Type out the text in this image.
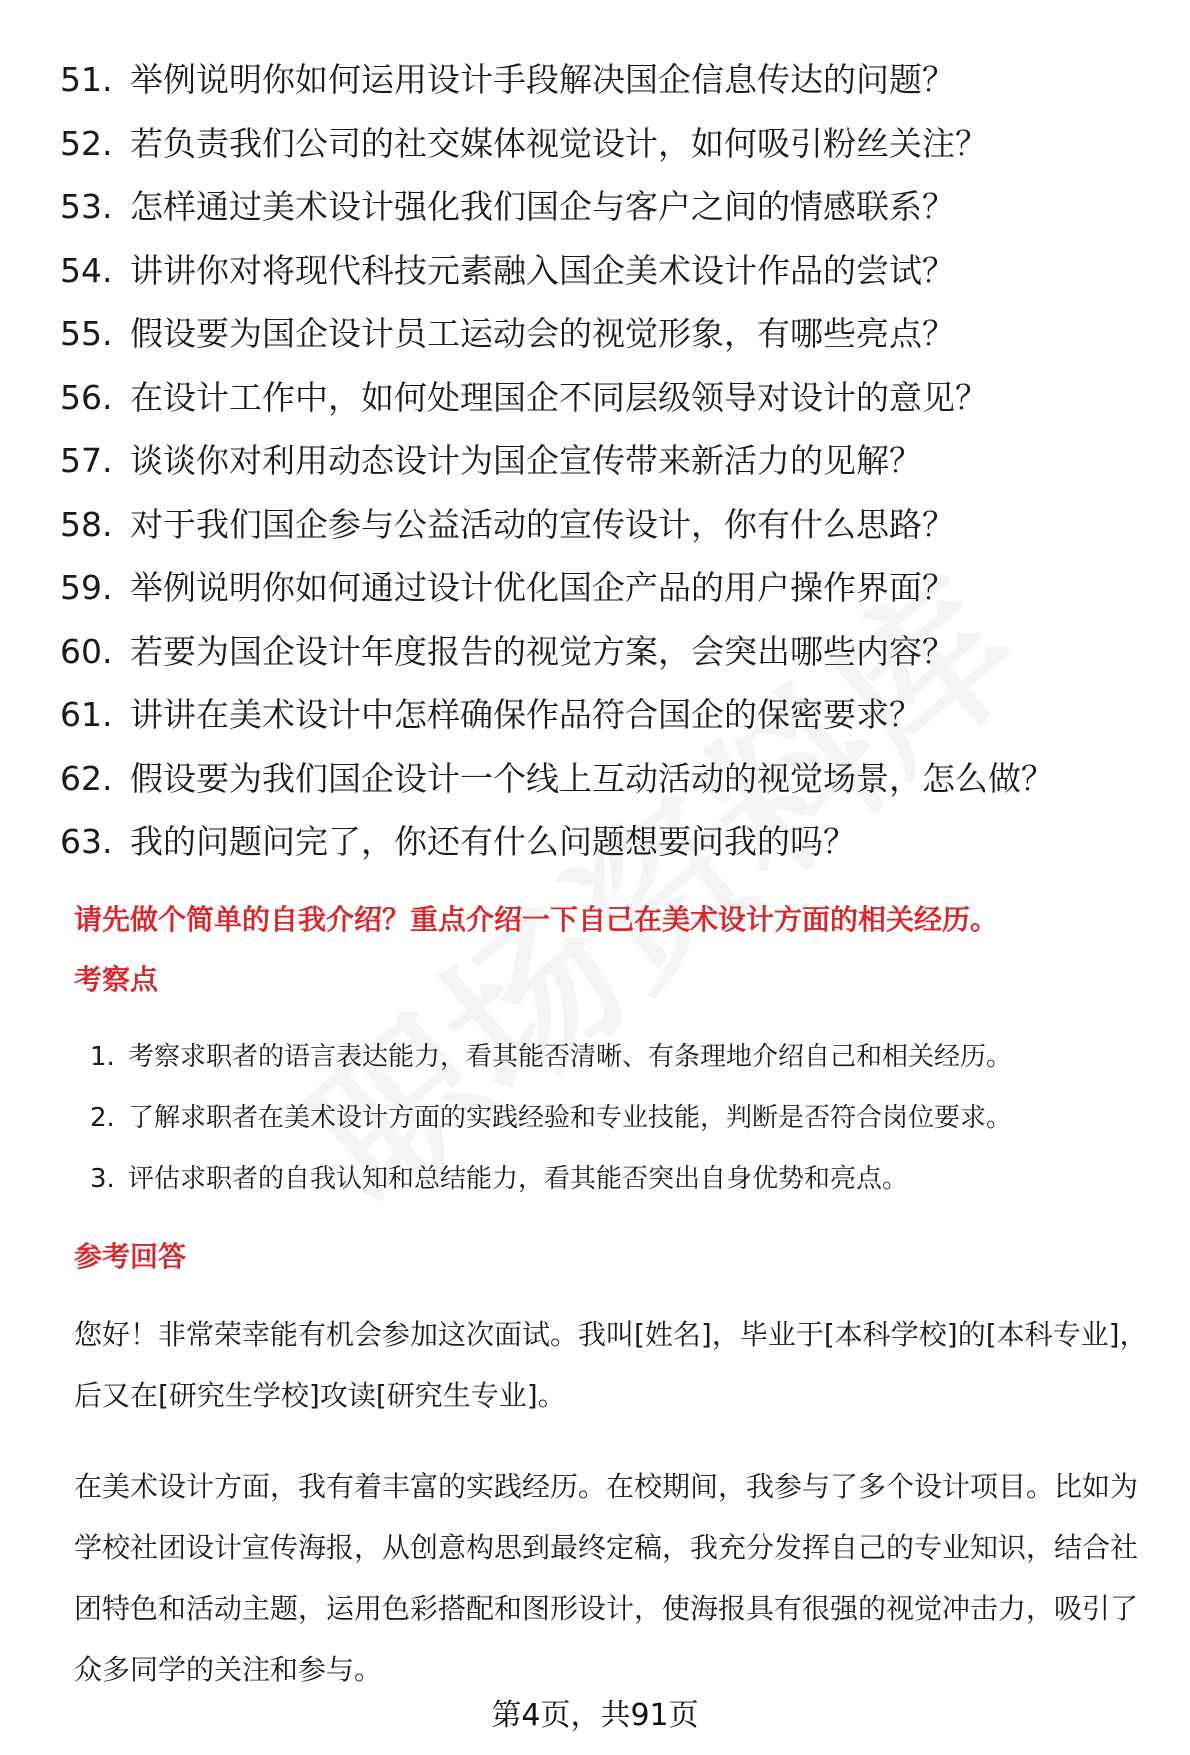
51. 举例说明你如何运用设计手段解决国企信息传达的问题？
52. 若负责我们公司的社交媒体视觉设计，如何吸引粉丝关注？
53. 怎样通过美术设计强化我们国企与客户之间的情感联系？
54. 讲讲你对将现代科技元素融入国企美术设计作品的尝试？
55. 假设要为国企设计员工运动会的视觉形象，有哪些亮点？
56. 在设计工作中，如何处理国企不同层级领导对设计的意见？
57. 谈谈你对利用动态设计为国企宣传带来新活力的见解？
58. 对于我们国企参与公益活动的宣传设计，你有什么思路？
59. 举例说明你如何通过设计优化国企产品的用户操作界面？
60. 若要为国企设计年度报告的视觉方案，会突出哪些内容？
61. 讲讲在美术设计中怎样确保作品符合国企的保密要求？
62. 假设要为我们国企设计一个线上互动活动的视觉场景，怎么做？
63. 我的问题问完了，你还有什么问题想要问我的吗？
请先做个简单的自我介绍？重点介绍一下自己在美术设计方面的相关经历。
考察点
1. 考察求职者的语言表达能力，看其能否清晰、有条理地介绍自己和相关经历。
2. 了解求职者在美术设计方面的实践经验和专业技能，判断是否符合岗位要求。
3. 评估求职者的自我认知和总结能力，看其能否突出自身优势和亮点。
参考回答

您好！非常荣幸能有机会参加这次面试。我叫[姓名]，毕业于[本科学校]的[本科专业]，后又在[研究生学校]攻读[研究生专业]。

在美术设计方面，我有着丰富的实践经历。在校期间，我参与了多个设计项目。比如为学校社团设计宣传海报，从创意构思到最终定稿，我充分发挥自己的专业知识，结合社团特色和活动主题，运用色彩搭配和图形设计，使海报具有很强的视觉冲击力，吸引了众多同学的关注和参与。

第4页，共91页
